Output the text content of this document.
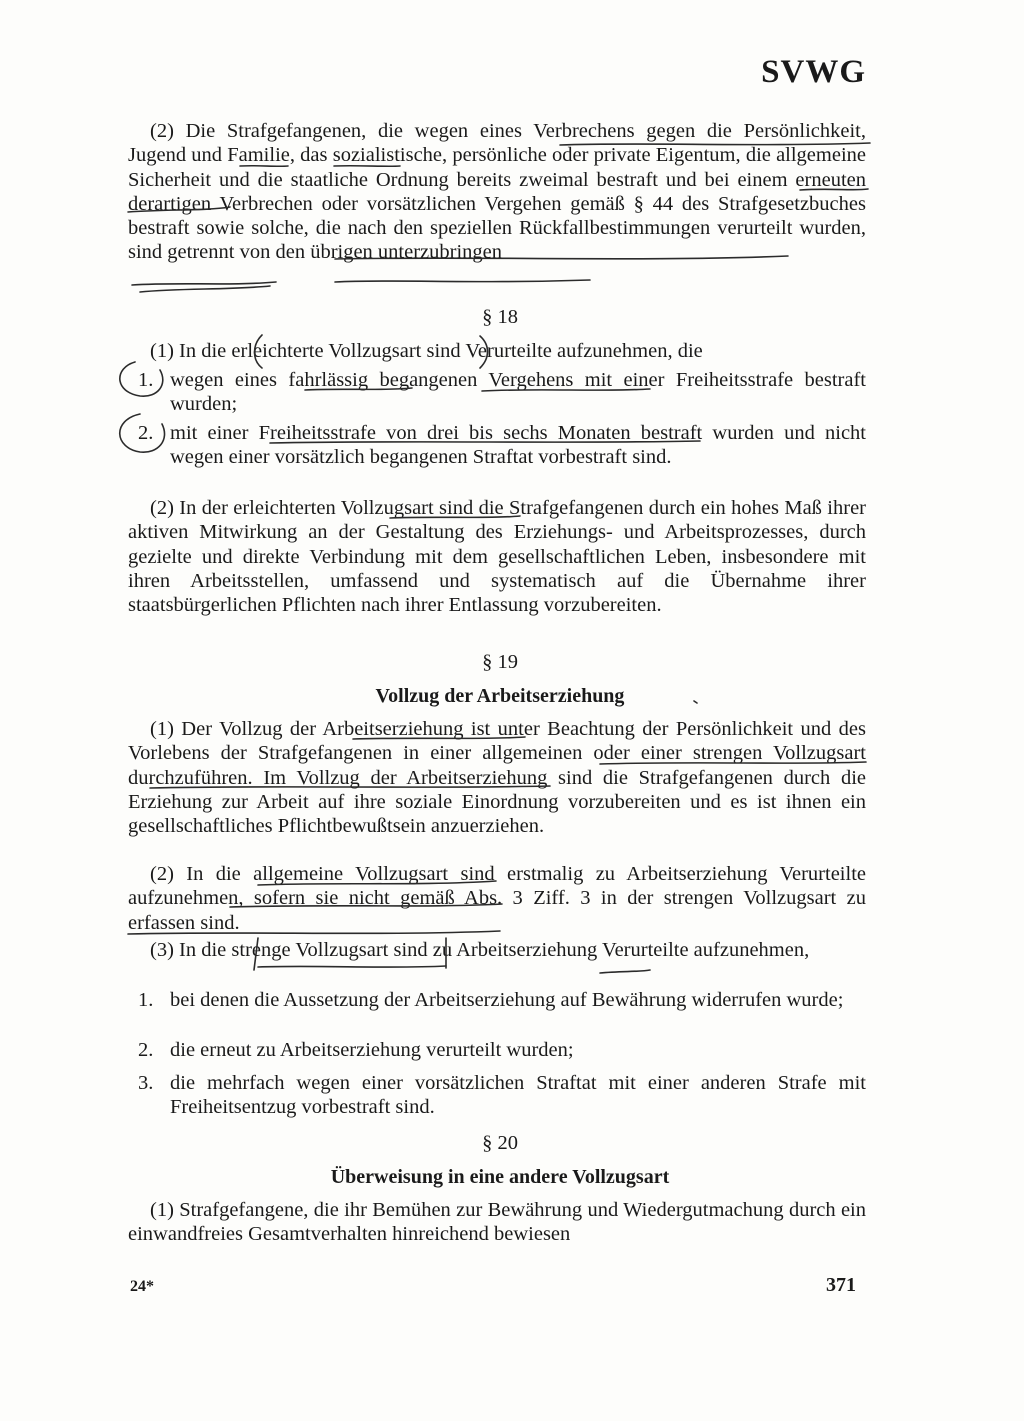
SVWG

(2) Die Strafgefangenen, die wegen eines Verbrechens gegen die Persönlichkeit, Jugend und Familie, das sozialistische, persönliche oder private Eigentum, die allgemeine Sicherheit und die staatliche Ordnung bereits zweimal bestraft und bei einem erneuten derartigen Verbrechen oder vorsätzlichen Vergehen gemäß § 44 des Strafgesetzbuches bestraft sowie solche, die nach den speziellen Rückfallbestimmungen verurteilt wurden, sind getrennt von den übrigen unterzubringen

§ 18

(1) In die erleichterte Vollzugsart sind Verurteilte aufzunehmen, die

1. wegen eines fahrlässig begangenen Vergehens mit einer Freiheitsstrafe bestraft wurden;
2. mit einer Freiheitsstrafe von drei bis sechs Monaten bestraft wurden und nicht wegen einer vorsätzlich begangenen Straftat vorbestraft sind.

(2) In der erleichterten Vollzugsart sind die Strafgefangenen durch ein hohes Maß ihrer aktiven Mitwirkung an der Gestaltung des Erziehungs- und Arbeitsprozesses, durch gezielte und direkte Verbindung mit dem gesellschaftlichen Leben, insbesondere mit ihren Arbeitsstellen, umfassend und systematisch auf die Übernahme ihrer staatsbürgerlichen Pflichten nach ihrer Entlassung vorzubereiten.

§ 19
Vollzug der Arbeitserziehung

(1) Der Vollzug der Arbeitserziehung ist unter Beachtung der Persönlichkeit und des Vorlebens der Strafgefangenen in einer allgemeinen oder einer strengen Vollzugsart durchzuführen. Im Vollzug der Arbeitserziehung sind die Strafgefangenen durch die Erziehung zur Arbeit auf ihre soziale Einordnung vorzubereiten und es ist ihnen ein gesellschaftliches Pflichtbewußtsein anzuerziehen.

(2) In die allgemeine Vollzugsart sind erstmalig zu Arbeitserziehung Verurteilte aufzunehmen, sofern sie nicht gemäß Abs. 3 Ziff. 3 in der strengen Vollzugsart zu erfassen sind.

(3) In die strenge Vollzugsart sind zu Arbeitserziehung Verurteilte aufzunehmen,

1. bei denen die Aussetzung der Arbeitserziehung auf Bewährung widerrufen wurde;
2. die erneut zu Arbeitserziehung verurteilt wurden;
3. die mehrfach wegen einer vorsätzlichen Straftat mit einer anderen Strafe mit Freiheitsentzug vorbestraft sind.
§ 20
Überweisung in eine andere Vollzugsart

(1) Strafgefangene, die ihr Bemühen zur Bewährung und Wiedergutmachung durch ein einwandfreies Gesamtverhalten hinreichend bewiesen

24*	371
